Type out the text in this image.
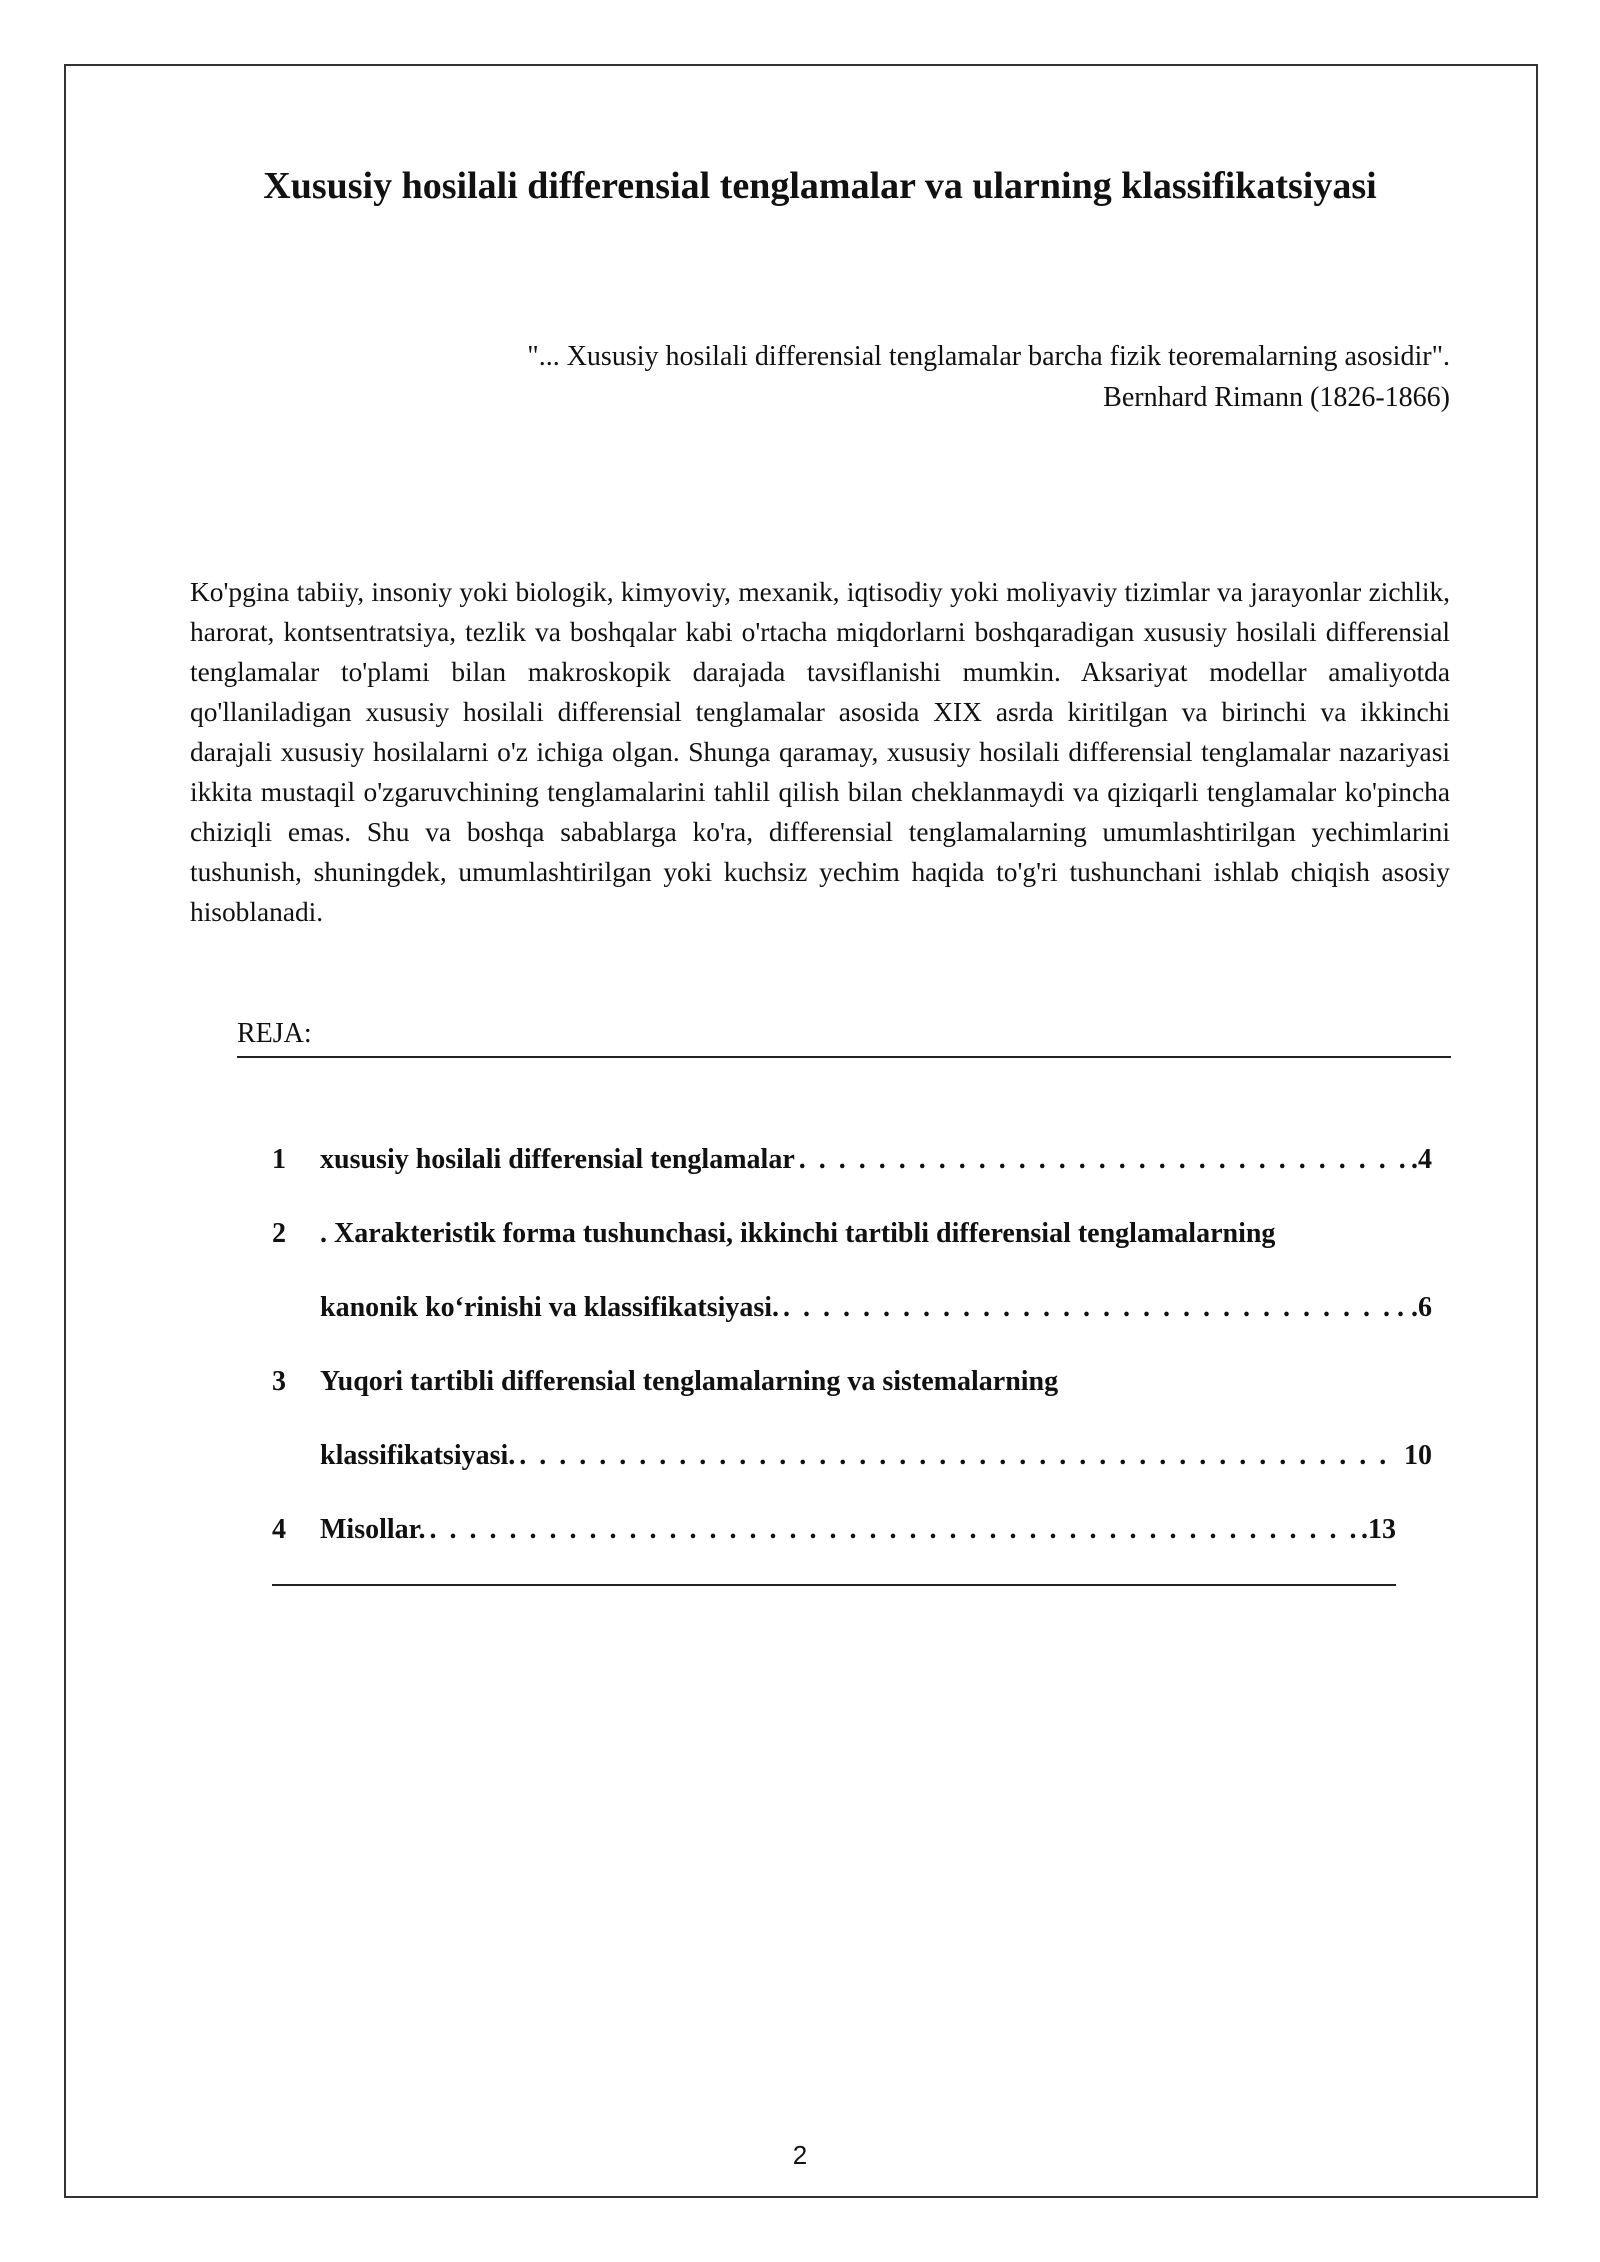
Xususiy hosilali differensial tenglamalar va ularning klassifikatsiyasi
"... Xususiy hosilali differensial tenglamalar barcha fizik teoremalarning asosidir".
Bernhard Rimann (1826-1866)

Ko'pgina tabiiy, insoniy yoki biologik, kimyoviy, mexanik, iqtisodiy yoki moliyaviy tizimlar va jarayonlar zichlik, harorat, kontsentratsiya, tezlik va boshqalar kabi o'rtacha miqdorlarni boshqaradigan xususiy hosilali differensial tenglamalar to'plami bilan makroskopik darajada tavsiflanishi mumkin. Aksariyat modellar amaliyotda qo'llaniladigan xususiy hosilali differensial tenglamalar asosida XIX asrda kiritilgan va birinchi va ikkinchi darajali xususiy hosilalarni o'z ichiga olgan. Shunga qaramay, xususiy hosilali differensial tenglamalar nazariyasi ikkita mustaqil o'zgaruvchining tenglamalarini tahlil qilish bilan cheklanmaydi va qiziqarli tenglamalar ko'pincha chiziqli emas. Shu va boshqa sabablarga ko'ra, differensial tenglamalarning umumlashtirilgan yechimlarini tushunish, shuningdek, umumlashtirilgan yoki kuchsiz yechim haqida to'g'ri tushunchani ishlab chiqish asosiy hisoblanadi.

REJA:
1	xususiy hosilali differensial tenglamalar . . .	.4
2	. Xarakteristik forma tushunchasi, ikkinchi tartibli differensial tenglamalarning
kanonik ko‘rinishi va klassifikatsiyasi. . . .	. .6
3	Yuqori tartibli differensial tenglamalarning va sistemalarning
klassifikatsiyasi. . . .	10
4	Misollar. . . .	.13
2
